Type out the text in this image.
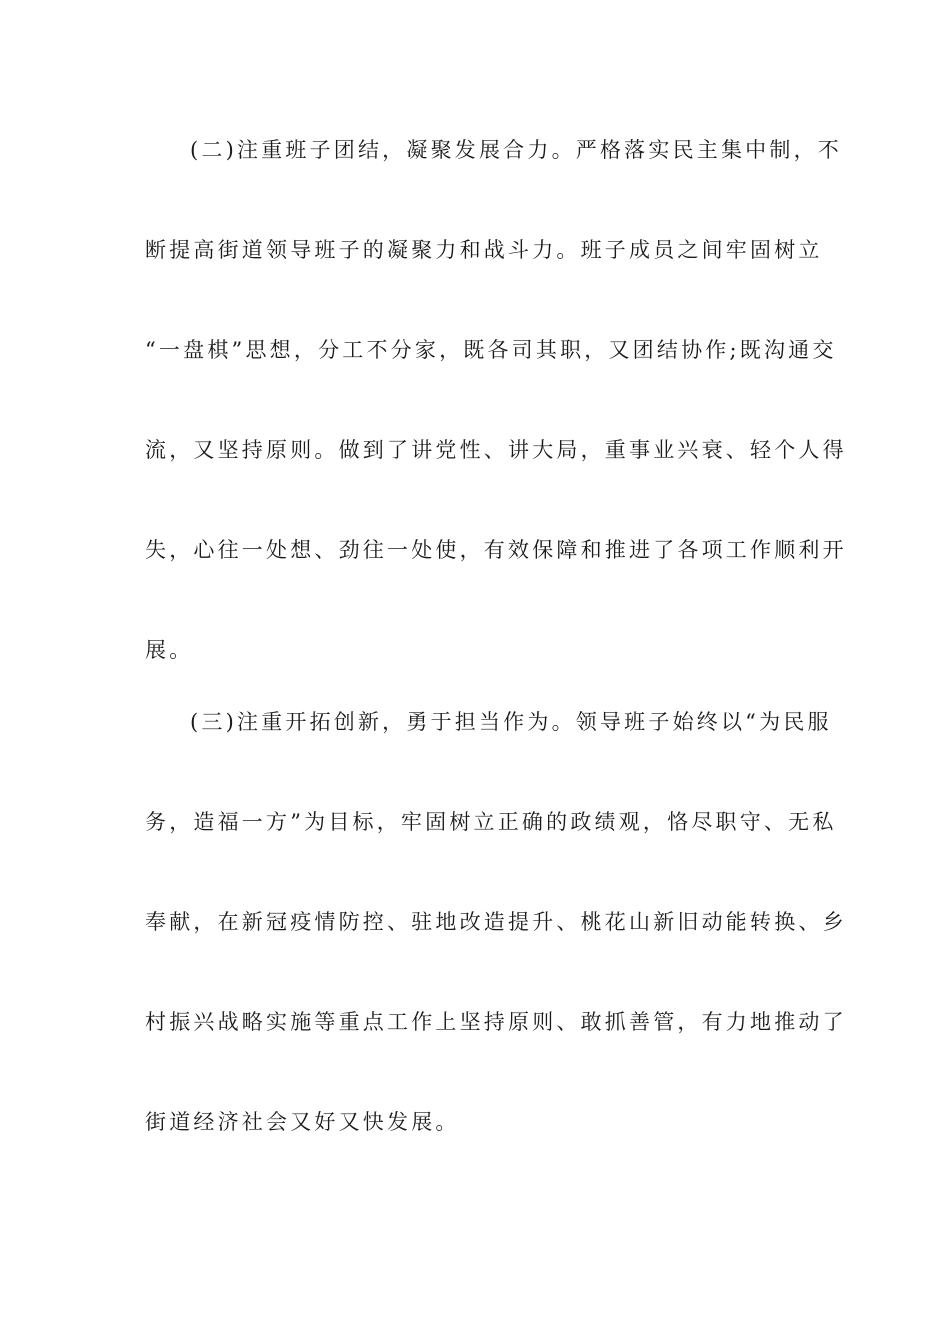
(二)注重班子团结，凝聚发展合力。严格落实民主集中制，不
断提高街道领导班子的凝聚力和战斗力。班子成员之间牢固树立
“一盘棋”思想，分工不分家，既各司其职，又团结协作;既沟通交
流，又坚持原则。做到了讲党性、讲大局，重事业兴衰、轻个人得
失，心往一处想、劲往一处使，有效保障和推进了各项工作顺利开
展。
(三)注重开拓创新，勇于担当作为。领导班子始终以“为民服
务，造福一方”为目标，牢固树立正确的政绩观，恪尽职守、无私
奉献，在新冠疫情防控、驻地改造提升、桃花山新旧动能转换、乡
村振兴战略实施等重点工作上坚持原则、敢抓善管，有力地推动了
街道经济社会又好又快发展。
